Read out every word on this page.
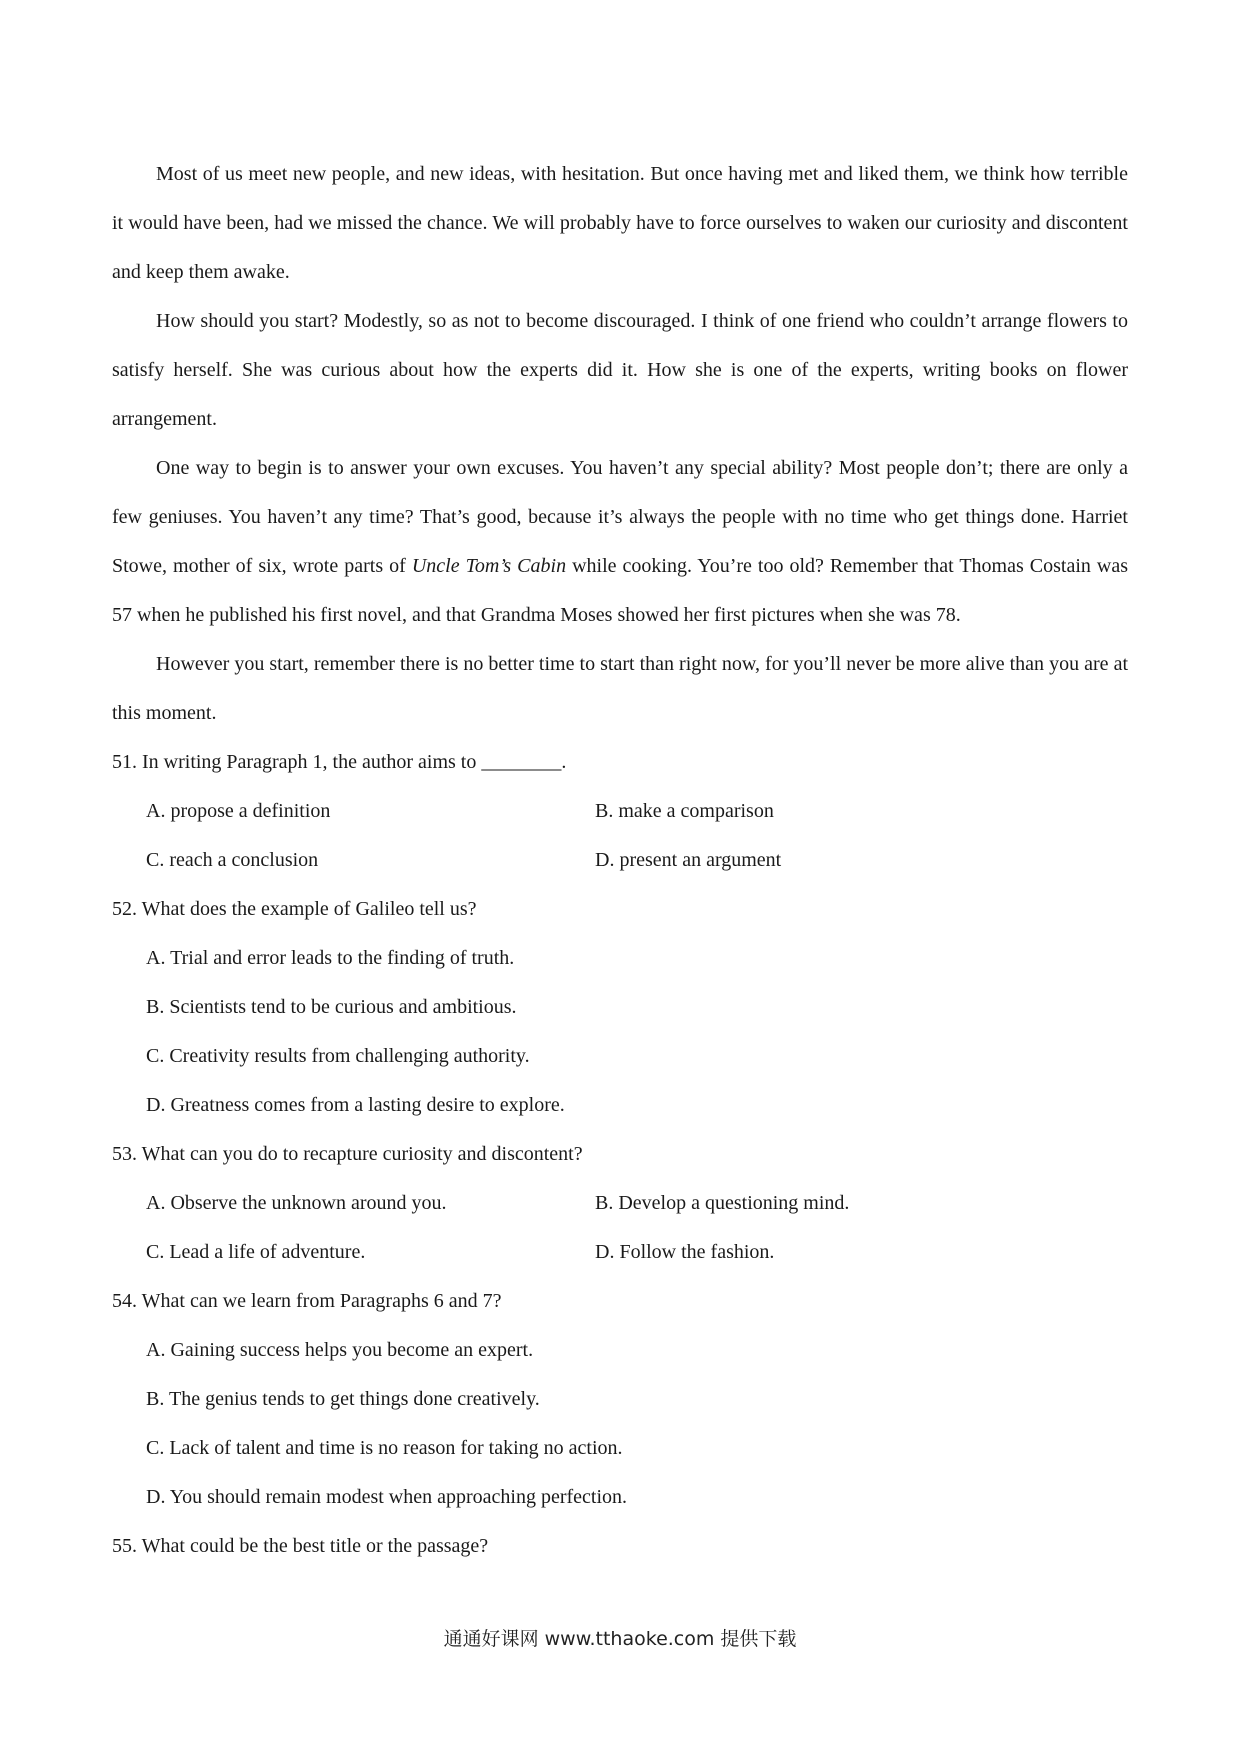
Most of us meet new people, and new ideas, with hesitation. But once having met and liked them, we think how terrible it would have been, had we missed the chance. We will probably have to force ourselves to waken our curiosity and discontent and keep them awake.

How should you start? Modestly, so as not to become discouraged. I think of one friend who couldn’t arrange flowers to satisfy herself. She was curious about how the experts did it. How she is one of the experts, writing books on flower arrangement.

One way to begin is to answer your own excuses. You haven’t any special ability? Most people don’t; there are only a few geniuses. You haven’t any time? That’s good, because it’s always the people with no time who get things done. Harriet Stowe, mother of six, wrote parts of Uncle Tom’s Cabin while cooking. You’re too old? Remember that Thomas Costain was 57 when he published his first novel, and that Grandma Moses showed her first pictures when she was 78.

However you start, remember there is no better time to start than right now, for you’ll never be more alive than you are at this moment.

51. In writing Paragraph 1, the author aims to ________.

A. propose a definition	B. make a comparison
C. reach a conclusion	D. present an argument

52. What does the example of Galileo tell us?

A. Trial and error leads to the finding of truth.
B. Scientists tend to be curious and ambitious.
C. Creativity results from challenging authority.
D. Greatness comes from a lasting desire to explore.

53. What can you do to recapture curiosity and discontent?

A. Observe the unknown around you.	B. Develop a questioning mind.
C. Lead a life of adventure.	D. Follow the fashion.

54. What can we learn from Paragraphs 6 and 7?

A. Gaining success helps you become an expert.
B. The genius tends to get things done creatively.
C. Lack of talent and time is no reason for taking no action.
D. You should remain modest when approaching perfection.

55. What could be the best title or the passage?

通通好课网 www.tthaoke.com 提供下载
